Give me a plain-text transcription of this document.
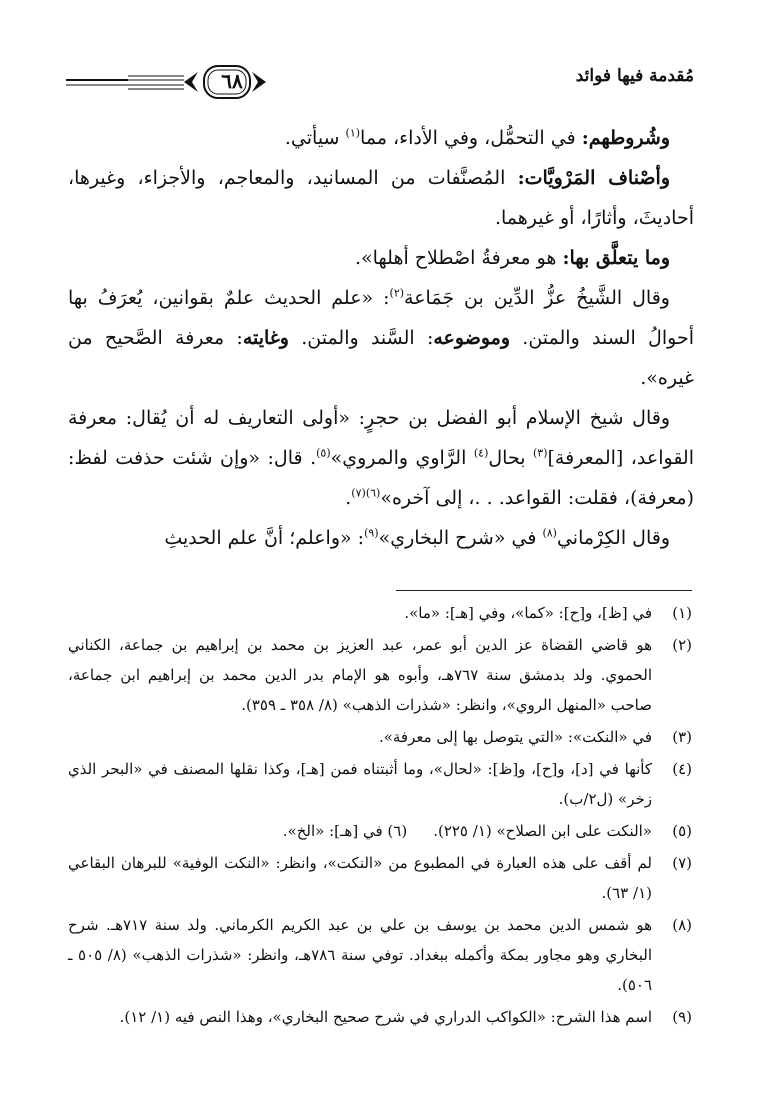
٦٨	مُقدمة فيها فوائد

وشُروطهم: في التحمُّل، وفي الأداء، مما$^{(١)}$ سيأتي.

وأصْناف المَرْويَّات: المُصنَّفات من المسانيد، والمعاجم، والأجزاء، وغيرها، أحاديثَ، وأثارًا، أو غيرهما.

وما يتعلَّق بها: هو معرفةُ اصْطلاح أهلها».

وقال الشَّيخُ عزُّ الدِّين بن جَمَاعة$^{(٢)}$: «علم الحديث علمٌ بقوانين، يُعرَفُ بها أحوالُ السند والمتن. وموضوعه: السَّند والمتن. وغايته: معرفة الصَّحيح من غيره».

وقال شيخ الإسلام أبو الفضل بن حجرٍ: «أولى التعاريف له أن يُقال: معرفة القواعد، [المعرفة]$^{(٣)}$ بحال$^{(٤)}$ الرَّاوي والمروي»$^{(٥)}$. قال: «وإن شئت حذفت لفظ: (معرفة)، فقلت: القواعد. . .، إلى آخره»$^{(٦)(٧)}$.

وقال الكِرْماني$^{(٨)}$ في «شرح البخاري»$^{(٩)}$: «واعلم؛ أنَّ علم الحديثِ

(١)
في [ظ]، و[ح]: «كما»، وفي [هـ]: «ما».
(٢)
هو قاضي القضاة عز الدين أبو عمر، عبد العزيز بن محمد بن إبراهيم بن جماعة، الكناني الحموي. ولد بدمشق سنة ٧٦٧هـ، وأبوه هو الإمام بدر الدين محمد بن إبراهيم ابن جماعة، صاحب «المنهل الروي»، وانظر: «شذرات الذهب» (٨/ ٣٥٨ ـ ٣٥٩).
(٣)
في «النكت»: «التي يتوصل بها إلى معرفة».
(٤)
كأنها في [د]، و[ح]، و[ظ]: «لحال»، وما أثبتناه فمن [هـ]، وكذا نقلها المصنف في «البحر الذي زخر» (ل٢/ب).
(٥)
«النكت على ابن الصلاح» (١/ ٢٢٥).(٦) في [هـ]: «الخ».
(٧)
لم أقف على هذه العبارة في المطبوع من «النكت»، وانظر: «النكت الوفية» للبرهان البقاعي (١/ ٦٣).
(٨)
هو شمس الدين محمد بن يوسف بن علي بن عبد الكريم الكرماني. ولد سنة ٧١٧هـ. شرح البخاري وهو مجاور بمكة وأكمله ببغداد. توفي سنة ٧٨٦هـ، وانظر: «شذرات الذهب» (٨/ ٥٠٥ ـ ٥٠٦).
(٩)
اسم هذا الشرح: «الكواكب الدراري في شرح صحيح البخاري»، وهذا النص فيه (١/ ١٢).
